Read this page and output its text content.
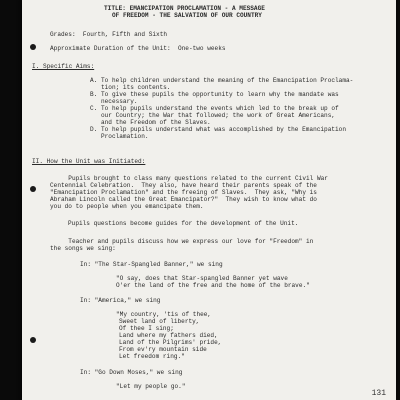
TITLE: EMANCIPATION PROCLAMATION - A MESSAGE
OF FREEDOM - THE SALVATION OF OUR COUNTRY
Grades:  Fourth, Fifth and Sixth
Approximate Duration of the Unit:  One-two weeks
I. Specific Aims:
A. To help children understand the meaning of the Emancipation Proclama-
tion; its contents.
B. To give these pupils the opportunity to learn why the mandate was
necessary.
C. To help pupils understand the events which led to the break up of
our Country; the War that followed; the work of Great Americans,
and the Freedom of the Slaves.
D. To help pupils understand what was accomplished by the Emancipation
Proclamation.
II. How the Unit was Initiated:
Pupils brought to class many questions related to the current Civil War
Centennial Celebration.  They also, have heard their parents speak of the
"Emancipation Proclamation" and the freeing of Slaves.  They ask, "Why is
Abraham Lincoln called the Great Emancipator?"  They wish to know what do
you do to people when you emancipate them.
Pupils questions become guides for the development of the Unit.
Teacher and pupils discuss how we express our love for "Freedom" in
the songs we sing:
In: "The Star-Spangled Banner," we sing
"O say, does that Star-spangled Banner yet wave
O'er the land of the free and the home of the brave."
In: "America," we sing
"My country, 'tis of thee,
Sweet land of liberty,
Of thee I sing;
Land where my fathers died,
Land of the Pilgrims' pride,
From ev'ry mountain side
Let freedom ring."
In: "Go Down Moses," we sing
"Let my people go."
131
